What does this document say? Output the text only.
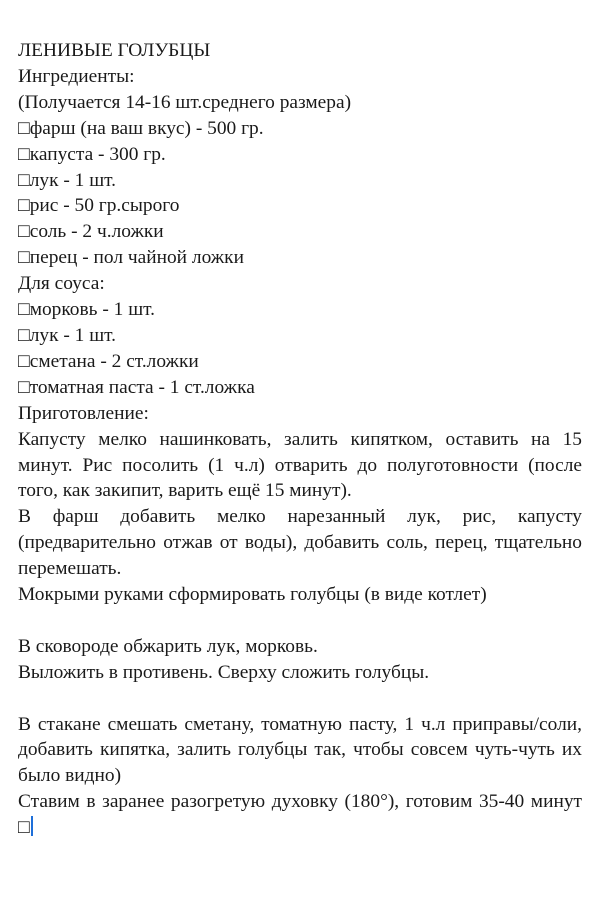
ЛЕНИВЫЕ ГОЛУБЦЫ
Ингредиенты:
(Получается 14-16 шт.среднего размера)
□фарш (на ваш вкус) - 500 гр.
□капуста - 300 гр.
□лук - 1 шт.
□рис - 50 гр.сырого
□соль - 2 ч.ложки
□перец - пол чайной ложки
Для соуса:
□морковь - 1 шт.
□лук - 1 шт.
□сметана - 2 ст.ложки
□томатная паста - 1 ст.ложка
Приготовление:
Капусту мелко нашинковать, залить кипятком, оставить на 15 минут. Рис посолить (1 ч.л) отварить до полуготовности (после того, как закипит, варить ещё 15 минут).
В фарш добавить мелко нарезанный лук, рис, капусту (предварительно отжав от воды), добавить соль, перец, тщательно перемешать.
Мокрыми руками сформировать голубцы (в виде котлет)
В сковороде обжарить лук, морковь.
Выложить в противень. Сверху сложить голубцы.
В стакане смешать сметану, томатную пасту, 1 ч.л приправы/соли, добавить кипятка, залить голубцы так, чтобы совсем чуть-чуть их было видно)
Ставим в заранее разогретую духовку (180°), готовим 35-40 минут □
